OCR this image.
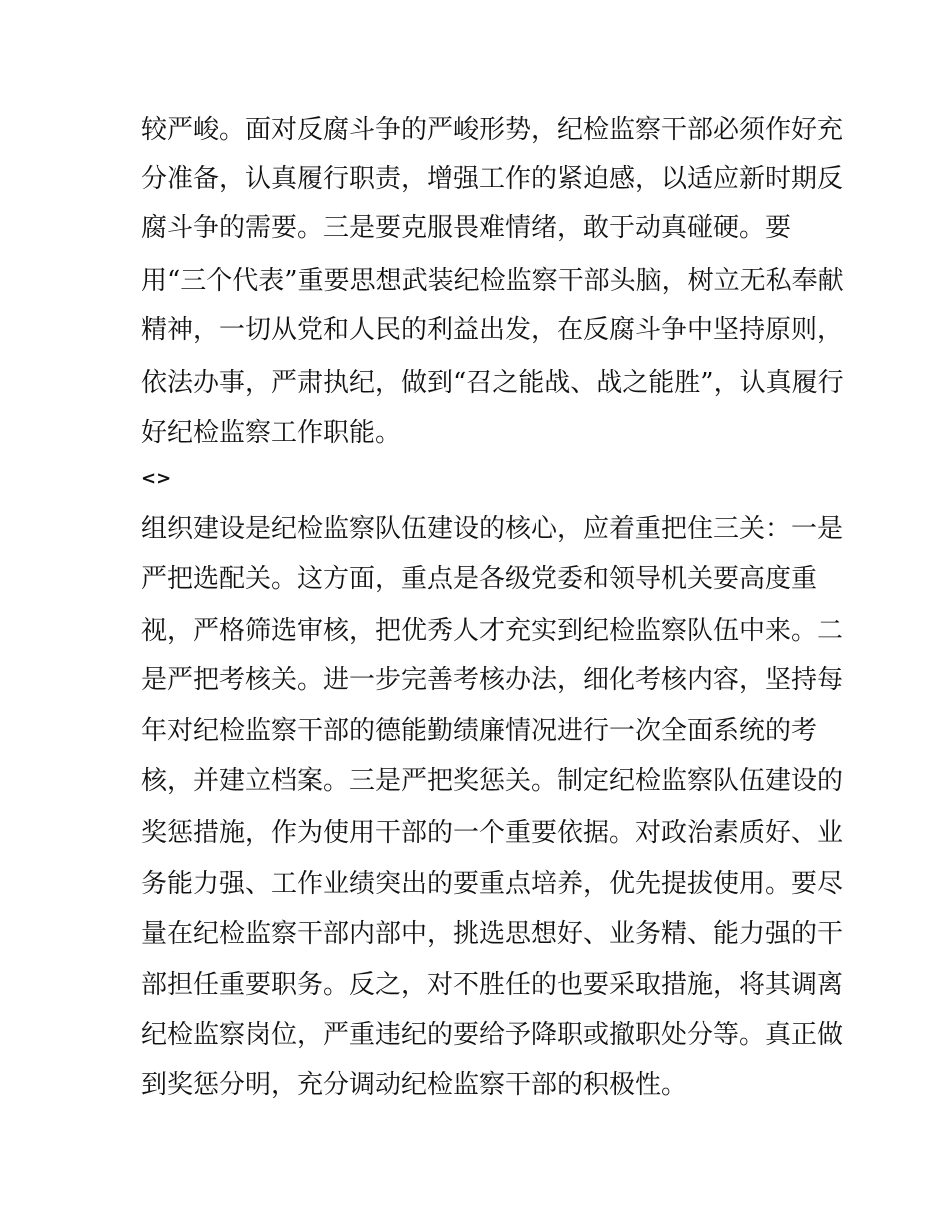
较严峻。面对反腐斗争的严峻形势，纪检监察干部必须作好充
分准备，认真履行职责，增强工作的紧迫感，以适应新时期反
腐斗争的需要。三是要克服畏难情绪，敢于动真碰硬。要
用“三个代表”重要思想武装纪检监察干部头脑，树立无私奉献
精神，一切从党和人民的利益出发，在反腐斗争中坚持原则，
依法办事，严肃执纪，做到“召之能战、战之能胜”，认真履行
好纪检监察工作职能。
<>
组织建设是纪检监察队伍建设的核心，应着重把住三关：一是
严把选配关。这方面，重点是各级党委和领导机关要高度重
视，严格筛选审核，把优秀人才充实到纪检监察队伍中来。二
是严把考核关。进一步完善考核办法，细化考核内容，坚持每
年对纪检监察干部的德能勤绩廉情况进行一次全面系统的考
核，并建立档案。三是严把奖惩关。制定纪检监察队伍建设的
奖惩措施，作为使用干部的一个重要依据。对政治素质好、业
务能力强、工作业绩突出的要重点培养，优先提拔使用。要尽
量在纪检监察干部内部中，挑选思想好、业务精、能力强的干
部担任重要职务。反之，对不胜任的也要采取措施，将其调离
纪检监察岗位，严重违纪的要给予降职或撤职处分等。真正做
到奖惩分明，充分调动纪检监察干部的积极性。
